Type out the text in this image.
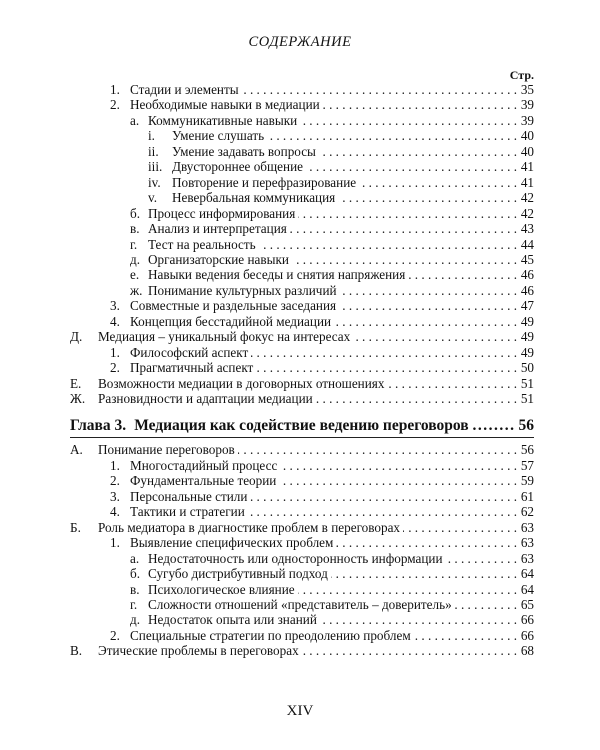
СОДЕРЖАНИЕ
Стр.
1. Стадии и элементы . . .	35
2. Необходимые навыки в медиации . . .	39
а. Коммуникативные навыки . . .	39
i.	Умение слушать . . .	40
ii.	Умение задавать вопросы . . .	40
iii. Двустороннее общение . . .	41
iv. Повторение и перефразирование . . .	41
v.	Невербальная коммуникация . . .	42
б. Процесс информирования . . .	42
в. Анализ и интерпретация . . .	43
г. Тест на реальность . . .	44
д. Организаторские навыки . . .	45
е. Навыки ведения беседы и снятия напряжения . . .	46
ж. Понимание культурных различий . . .	46
3. Совместные и раздельные заседания . . .	47
4. Концепция бесстадийной медиации . . .	49
Д.	Медиация – уникальный фокус на интересах . . .	49
1. Философский аспект . . .	49
2. Прагматичный аспект . . .	50
Е.	Возможности медиации в договорных отношениях . . .	51
Ж. Разновидности и адаптации медиации . . .	51
Глава 3. Медиация как содействие ведению переговоров .....	56
А.	Понимание переговоров . . .	56
1. Многостадийный процесс . . .	57
2. Фундаментальные теории . . .	59
3. Персональные стили . . .	61
4. Тактики и стратегии . . .	62
Б.	Роль медиатора в диагностике проблем в переговорах . . .	63
1. Выявление специфических проблем . . .	63
а. Недостаточность или односторонность информации . . .	63
б. Сугубо дистрибутивный подход . . .	64
в. Психологическое влияние . . .	64
г. Сложности отношений «представитель – доверитель» . . .	65
д. Недостаток опыта или знаний . . .	66
2. Специальные стратегии по преодолению проблем . . .	66
В.	Этические проблемы в переговорах . . .	68
XIV
